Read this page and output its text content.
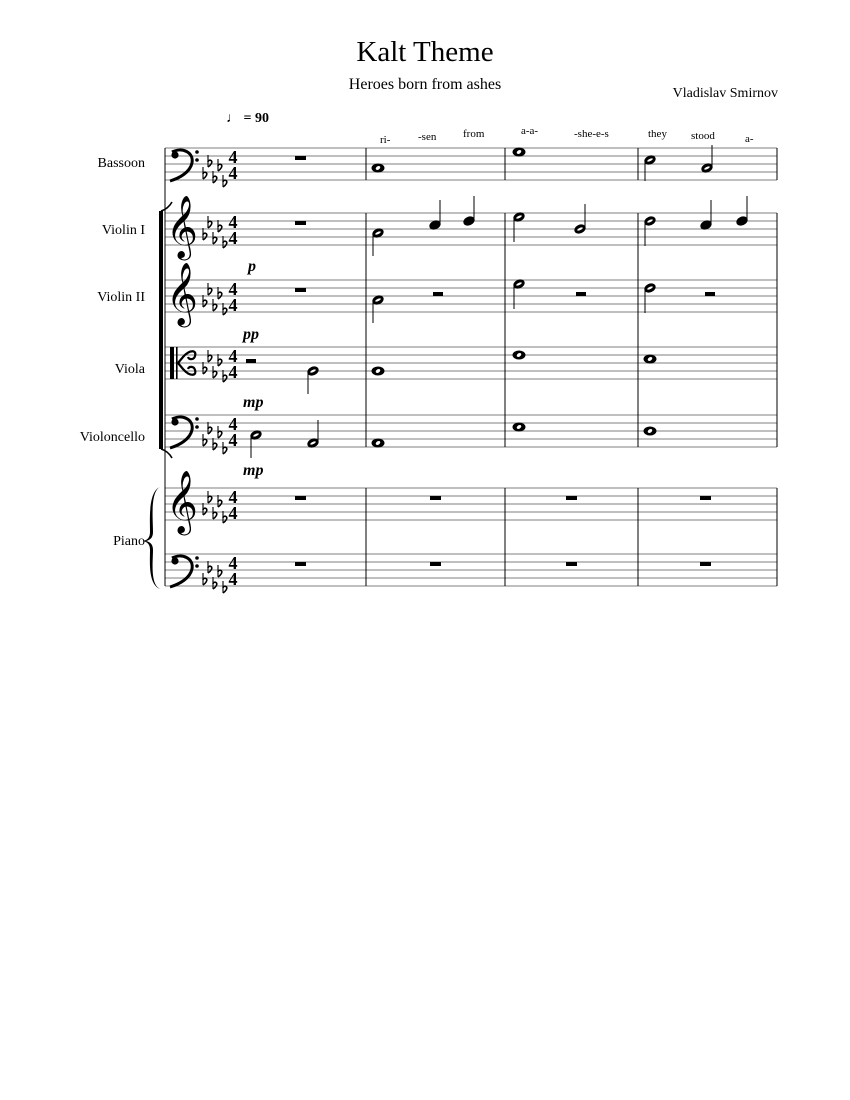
Kalt Theme
Heroes born from ashes
Vladislav Smirnov
♩ = 90
ri-	-sen from	a-a-	-she-e-s	they stood	a-
Bassoon
Violin I
Violin II
Viola
Violoncello
Piano
p
pp
mp
mp
𝄞
𝄞
𝄞
4
4
4
4
4
4
4
4
4
4
4
4
4
4
